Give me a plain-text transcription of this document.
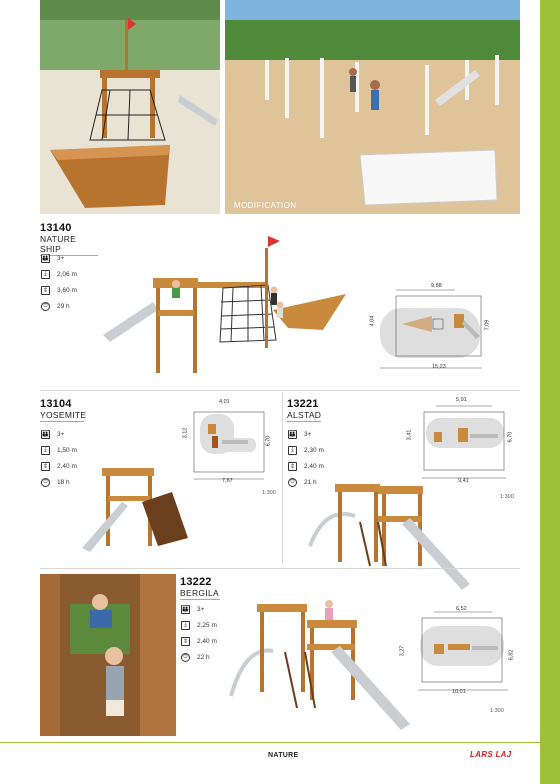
MODIFICATION
13140
NATURE SHIP
👪 3+
⤓	2,06 m
⇕	3,60 m
⏱	29 h
9,88
4,04	7,09
15,23
13104
YOSEMITE
👪 3+
⤓	1,50 m
⇕	2,40 m
⏱	18 h
4,01
3,12
6,70
7,67
1:300
13221
ALSTAD
👪 3+
⤓	2,30 m
⇕	2,40 m
⏱	21 h
5,91
3,41	6,70
9,41
1:300
13222
BERGILA
👪 3+
⤓	2,25 m
⇕	2,40 m
⏱	22 h
6,52
3,27	6,82
10,01
1:300
NATURE	LARS LAJ 77
